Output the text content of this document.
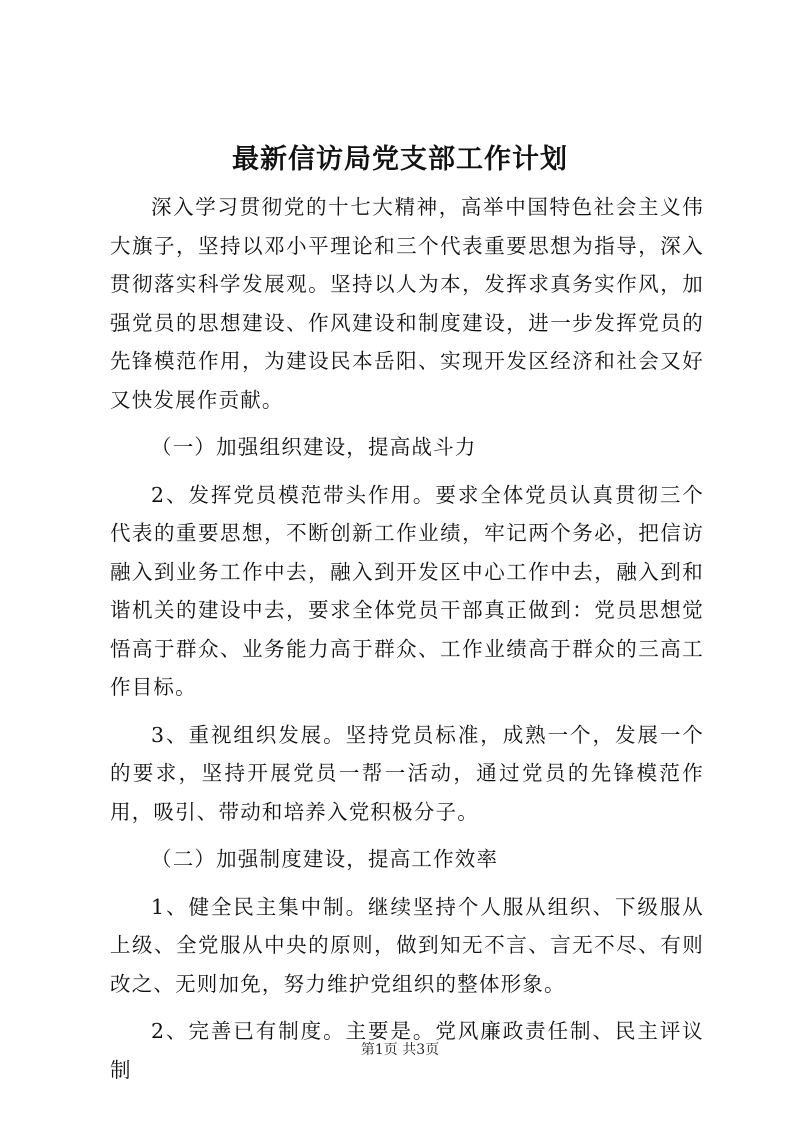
最新信访局党支部工作计划

深入学习贯彻党的十七大精神，高举中国特色社会主义伟大旗子，坚持以邓小平理论和三个代表重要思想为指导，深入贯彻落实科学发展观。坚持以人为本，发挥求真务实作风，加强党员的思想建设、作风建设和制度建设，进一步发挥党员的先锋模范作用，为建设民本岳阳、实现开发区经济和社会又好又快发展作贡献。

（一）加强组织建设，提高战斗力

2、发挥党员模范带头作用。要求全体党员认真贯彻三个代表的重要思想，不断创新工作业绩，牢记两个务必，把信访融入到业务工作中去，融入到开发区中心工作中去，融入到和谐机关的建设中去，要求全体党员干部真正做到：党员思想觉悟高于群众、业务能力高于群众、工作业绩高于群众的三高工作目标。

3、重视组织发展。坚持党员标准，成熟一个，发展一个的要求，坚持开展党员一帮一活动，通过党员的先锋模范作用，吸引、带动和培养入党积极分子。

（二）加强制度建设，提高工作效率

1、健全民主集中制。继续坚持个人服从组织、下级服从上级、全党服从中央的原则，做到知无不言、言无不尽、有则改之、无则加免，努力维护党组织的整体形象。

2、完善已有制度。主要是。党风廉政责任制、民主评议制

第1页 共3页
